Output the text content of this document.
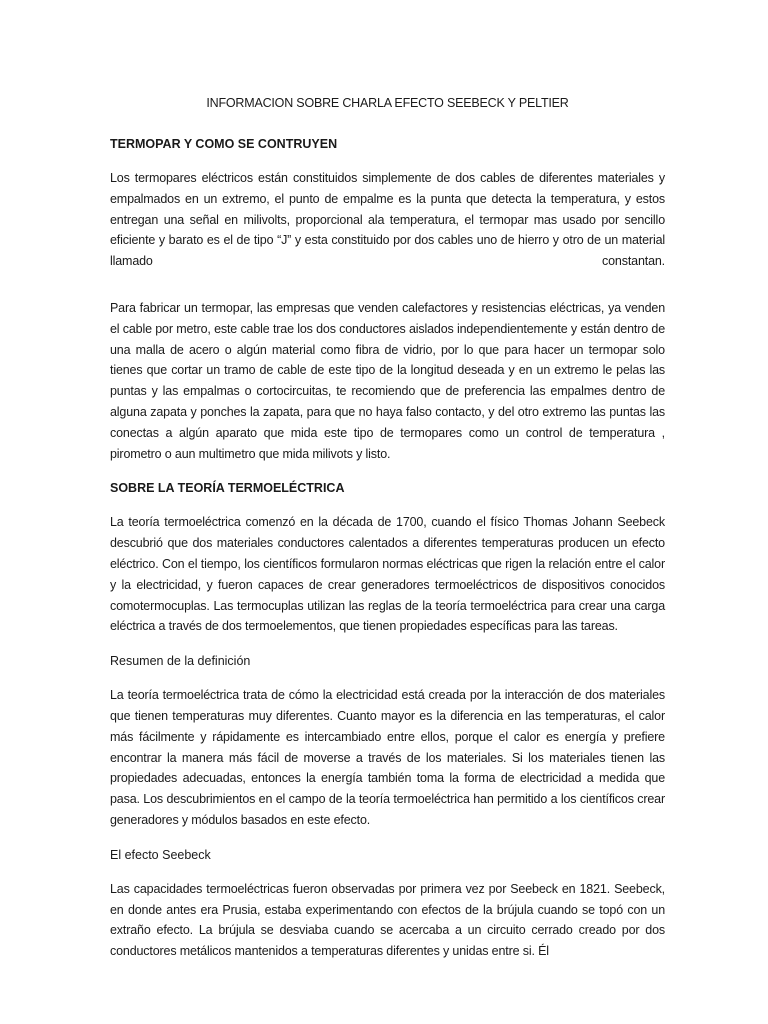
INFORMACION SOBRE CHARLA EFECTO SEEBECK Y PELTIER
TERMOPAR Y COMO SE CONTRUYEN

Los termopares eléctricos están constituidos simplemente de dos cables de diferentes materiales y empalmados en un extremo, el punto de empalme es la punta que detecta la temperatura, y estos entregan una señal en milivolts, proporcional ala temperatura, el termopar mas usado por sencillo eficiente y barato es el de tipo “J” y esta constituido por dos cables uno de hierro y otro de un material llamado constantan.

Para fabricar un termopar, las empresas que venden calefactores y resistencias eléctricas, ya venden el cable por metro, este cable trae los dos conductores aislados independientemente y están dentro de una malla de acero o algún material como fibra de vidrio, por lo que para hacer un termopar solo tienes que cortar un tramo de cable de este tipo de la longitud deseada y en un extremo le pelas las puntas y las empalmas o cortocircuitas, te recomiendo que de preferencia las empalmes dentro de alguna zapata y ponches la zapata, para que no haya falso contacto, y del otro extremo las puntas las conectas a algún aparato que mida este tipo de termopares como un control de temperatura , pirometro o aun multimetro que mida milivots y listo.

SOBRE LA TEORÍA TERMOELÉCTRICA

La teoría termoeléctrica comenzó en la década de 1700, cuando el físico Thomas Johann Seebeck descubrió que dos materiales conductores calentados a diferentes temperaturas producen un efecto eléctrico. Con el tiempo, los científicos formularon normas eléctricas que rigen la relación entre el calor y la electricidad, y fueron capaces de crear generadores termoeléctricos de dispositivos conocidos comotermocuplas. Las termocuplas utilizan las reglas de la teoría termoeléctrica para crear una carga eléctrica a través de dos termoelementos, que tienen propiedades específicas para las tareas.

Resumen de la definición

La teoría termoeléctrica trata de cómo la electricidad está creada por la interacción de dos materiales que tienen temperaturas muy diferentes. Cuanto mayor es la diferencia en las temperaturas, el calor más fácilmente y rápidamente es intercambiado entre ellos, porque el calor es energía y prefiere encontrar la manera más fácil de moverse a través de los materiales. Si los materiales tienen las propiedades adecuadas, entonces la energía también toma la forma de electricidad a medida que pasa. Los descubrimientos en el campo de la teoría termoeléctrica han permitido a los científicos crear generadores y módulos basados en este efecto.

El efecto Seebeck

Las capacidades termoeléctricas fueron observadas por primera vez por Seebeck en 1821. Seebeck, en donde antes era Prusia, estaba experimentando con efectos de la brújula cuando se topó con un extraño efecto. La brújula se desviaba cuando se acercaba a un circuito cerrado creado por dos conductores metálicos mantenidos a temperaturas diferentes y unidas entre si. Él
